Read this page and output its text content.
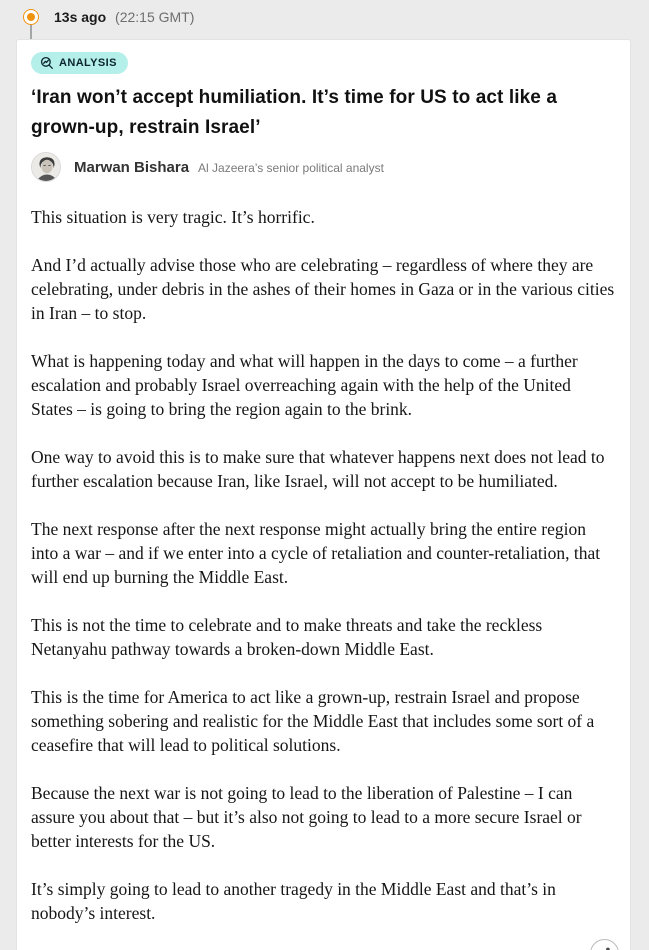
13s ago (22:15 GMT)
ANALYSIS
‘Iran won’t accept humiliation. It’s time for US to act like a grown-up, restrain Israel’
Marwan Bishara Al Jazeera’s senior political analyst

This situation is very tragic. It’s horrific.

And I’d actually advise those who are celebrating – regardless of where they are celebrating, under debris in the ashes of their homes in Gaza or in the various cities in Iran – to stop.

What is happening today and what will happen in the days to come – a further escalation and probably Israel overreaching again with the help of the United States – is going to bring the region again to the brink.

One way to avoid this is to make sure that whatever happens next does not lead to further escalation because Iran, like Israel, will not accept to be humiliated.

The next response after the next response might actually bring the entire region into a war – and if we enter into a cycle of retaliation and counter-retaliation, that will end up burning the Middle East.

This is not the time to celebrate and to make threats and take the reckless Netanyahu pathway towards a broken-down Middle East.

This is the time for America to act like a grown-up, restrain Israel and propose something sobering and realistic for the Middle East that includes some sort of a ceasefire that will lead to political solutions.

Because the next war is not going to lead to the liberation of Palestine – I can assure you about that – but it’s also not going to lead to a more secure Israel or better interests for the US.

It’s simply going to lead to another tragedy in the Middle East and that’s in nobody’s interest.
